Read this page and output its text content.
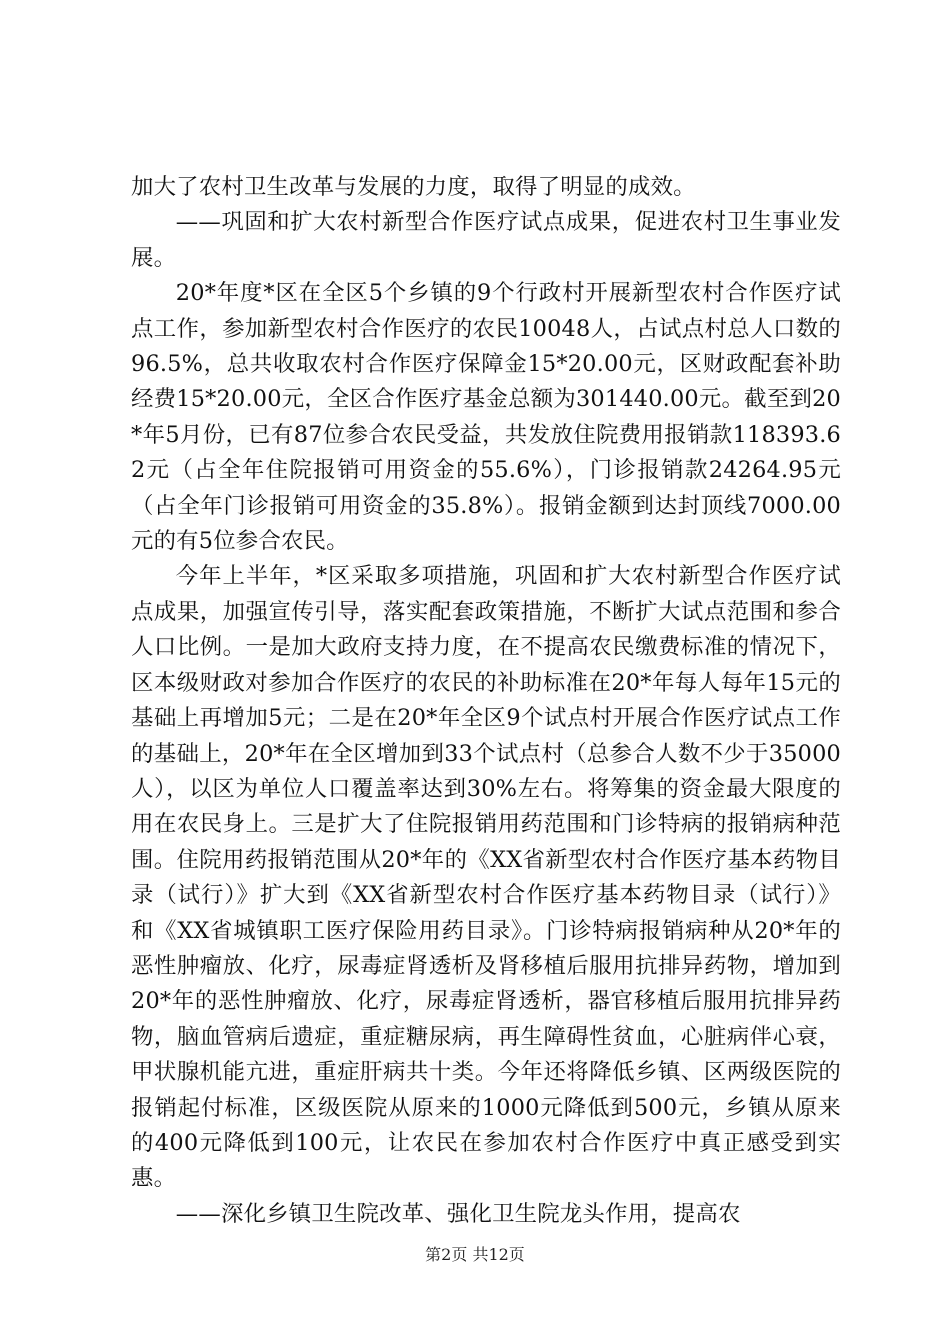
加大了农村卫生改革与发展的力度，取得了明显的成效。

——巩固和扩大农村新型合作医疗试点成果，促进农村卫生事业发展。

20*年度*区在全区5个乡镇的9个行政村开展新型农村合作医疗试点工作，参加新型农村合作医疗的农民10048人，占试点村总人口数的96.5%，总共收取农村合作医疗保障金15*20.00元，区财政配套补助经费15*20.00元，全区合作医疗基金总额为301440.00元。截至到20*年5月份，已有87位参合农民受益，共发放住院费用报销款118393.62元（占全年住院报销可用资金的55.6%），门诊报销款24264.95元（占全年门诊报销可用资金的35.8%）。报销金额到达封顶线7000.00元的有5位参合农民。

今年上半年，*区采取多项措施，巩固和扩大农村新型合作医疗试点成果，加强宣传引导，落实配套政策措施，不断扩大试点范围和参合人口比例。一是加大政府支持力度，在不提高农民缴费标准的情况下，区本级财政对参加合作医疗的农民的补助标准在20*年每人每年15元的基础上再增加5元；二是在20*年全区9个试点村开展合作医疗试点工作的基础上，20*年在全区增加到33个试点村（总参合人数不少于35000人），以区为单位人口覆盖率达到30%左右。将筹集的资金最大限度的用在农民身上。三是扩大了住院报销用药范围和门诊特病的报销病种范围。住院用药报销范围从20*年的《XX省新型农村合作医疗基本药物目录（试行）》扩大到《XX省新型农村合作医疗基本药物目录（试行）》和《XX省城镇职工医疗保险用药目录》。门诊特病报销病种从20*年的恶性肿瘤放、化疗，尿毒症肾透析及肾移植后服用抗排异药物，增加到20*年的恶性肿瘤放、化疗，尿毒症肾透析，器官移植后服用抗排异药物，脑血管病后遗症，重症糖尿病，再生障碍性贫血，心脏病伴心衰，甲状腺机能亢进，重症肝病共十类。今年还将降低乡镇、区两级医院的报销起付标准，区级医院从原来的1000元降低到500元，乡镇从原来的400元降低到100元，让农民在参加农村合作医疗中真正感受到实惠。

——深化乡镇卫生院改革、强化卫生院龙头作用，提高农

第2页 共12页
